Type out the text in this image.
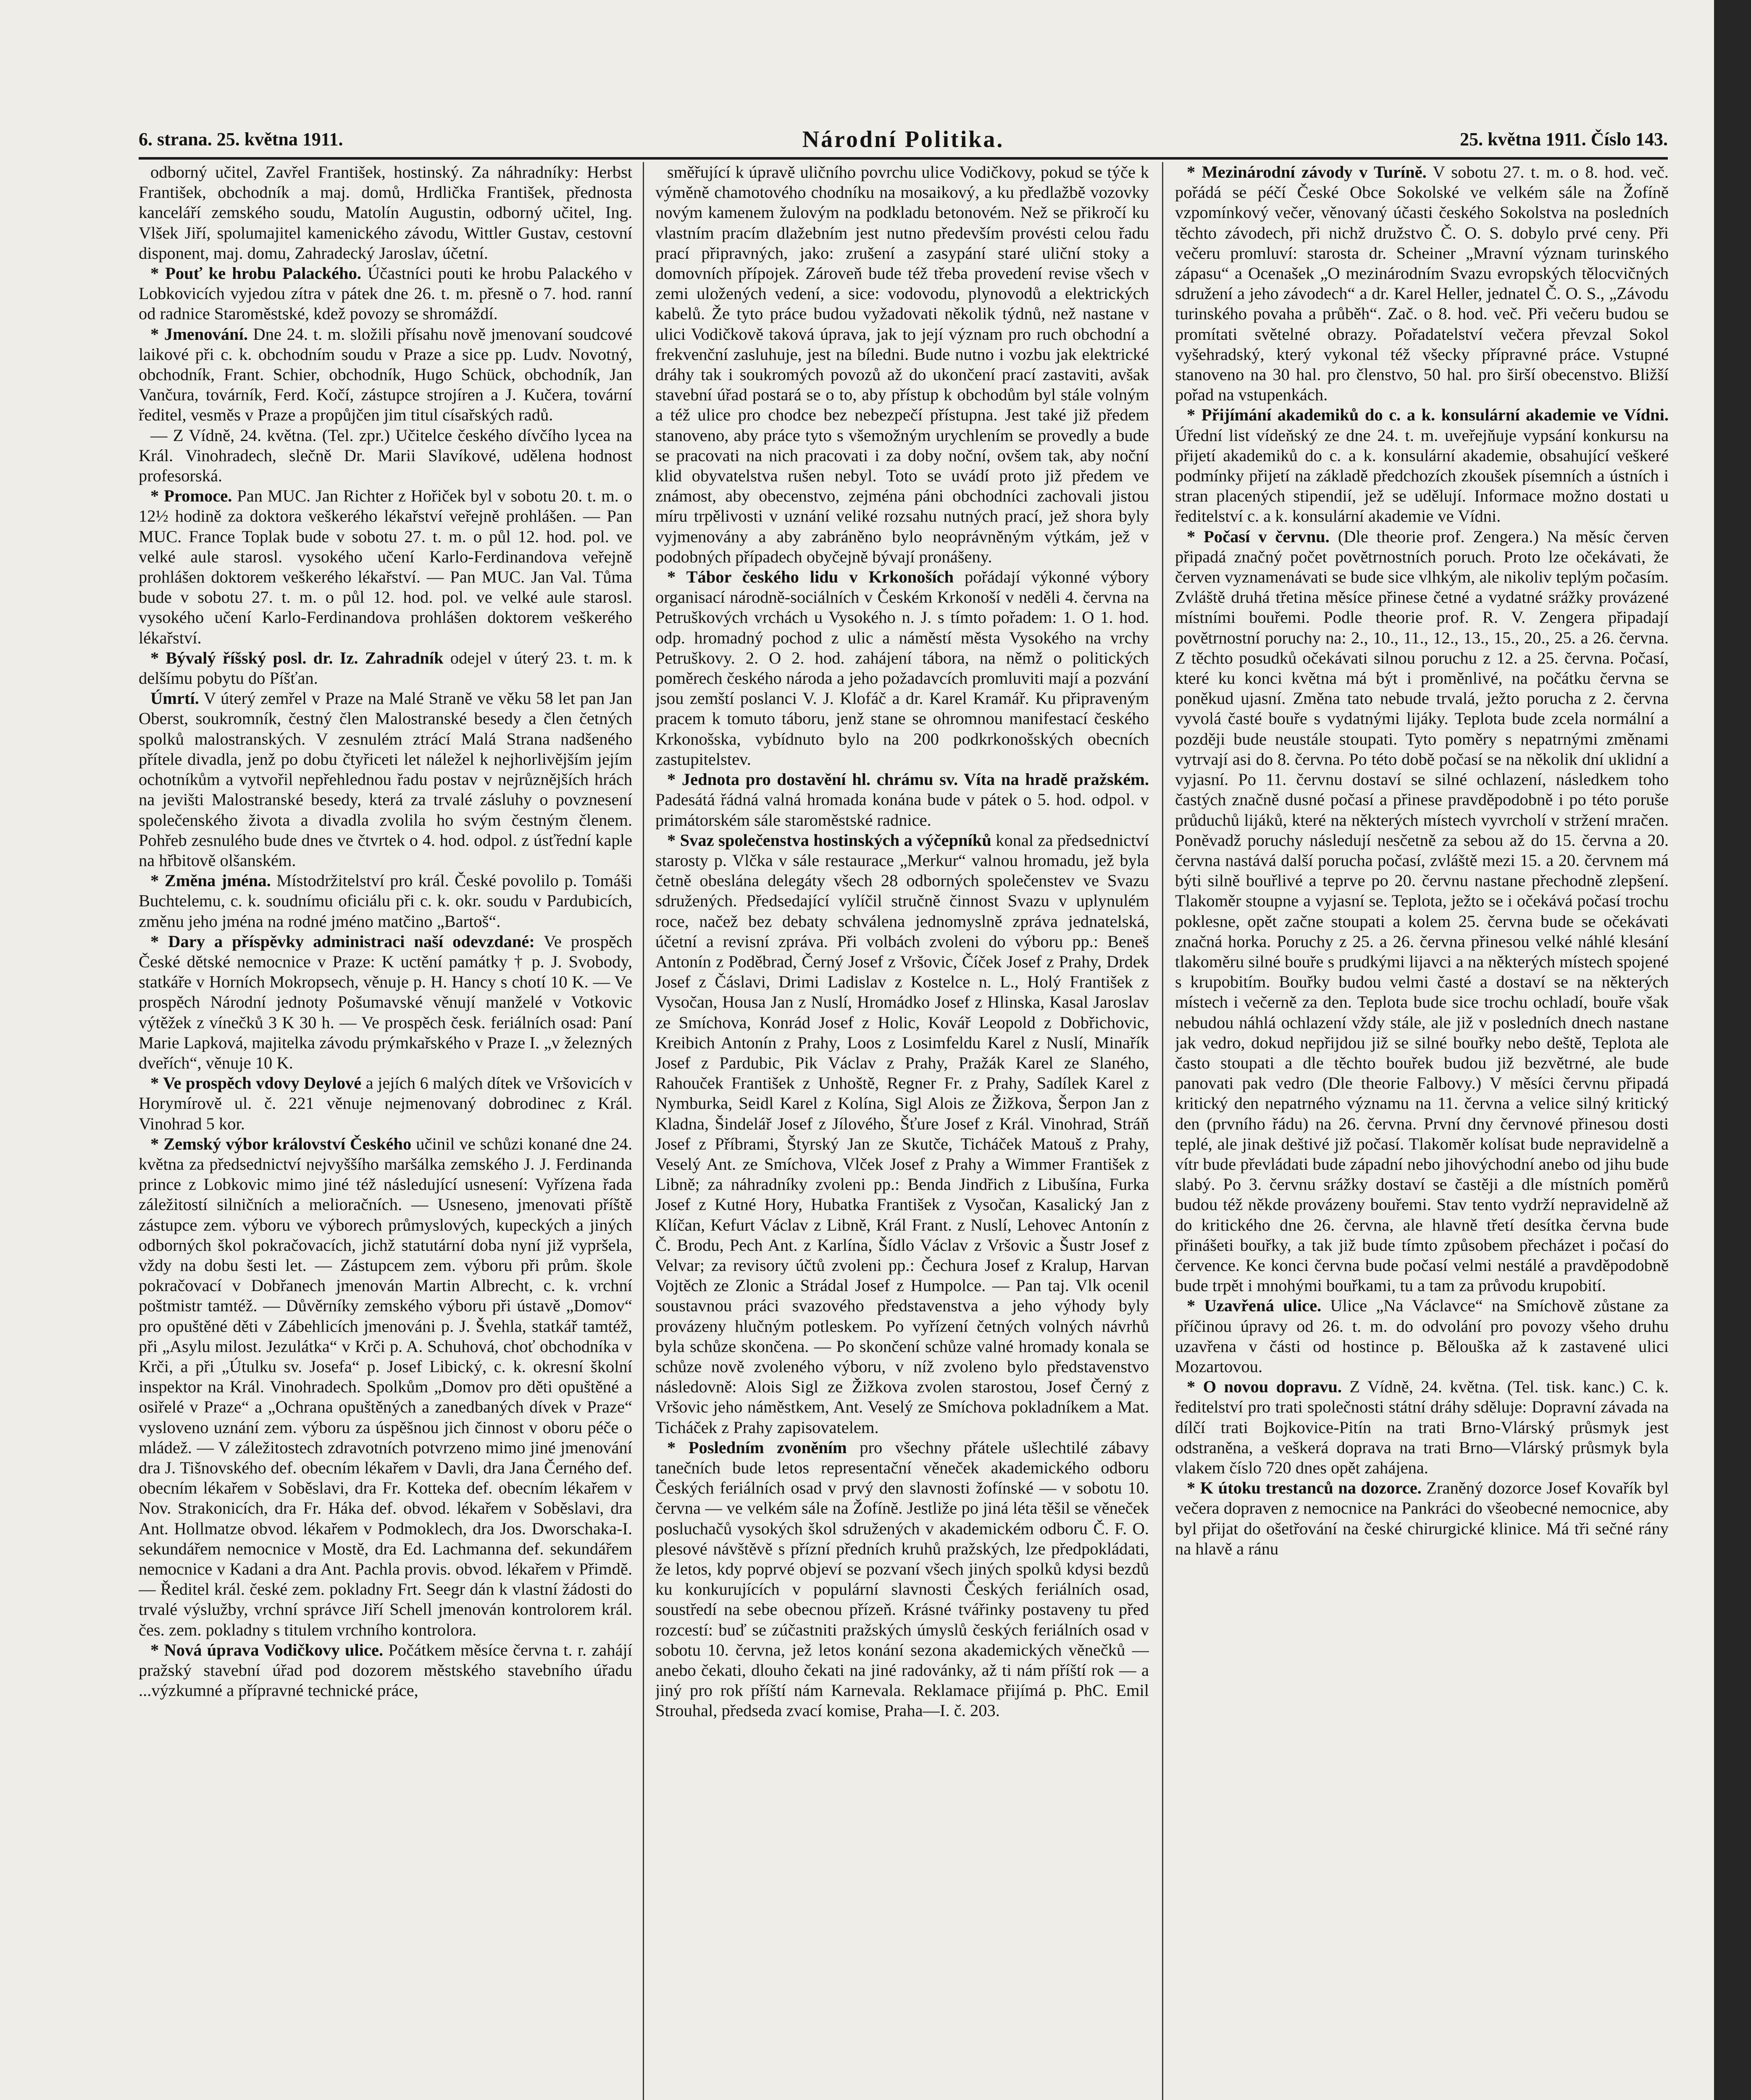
6. strana. 25. května 1911.	Národní Politika.	25. května 1911. Číslo 143.

odborný učitel, Zavřel František, hostinský. Za náhradníky: Herbst František, obchodník a maj. domů, Hrdlička František, přednosta kanceláří zemského soudu, Matolín Augustin, odborný učitel, Ing. Vlšek Jiří, spolumajitel kamenického závodu, Wittler Gustav, cestovní disponent, maj. domu, Zahradecký Jaroslav, účetní.

* Pouť ke hrobu Palackého. Účastníci pouti ke hrobu Palackého v Lobkovicích vyjedou zítra v pátek dne 26. t. m. přesně o 7. hod. ranní od radnice Staroměstské, kdež povozy se shromáždí.

* Jmenování. Dne 24. t. m. složili přísahu nově jmenovaní soudcové laikové při c. k. obchodním soudu v Praze a sice pp. Ludv. Novotný, obchodník, Frant. Schier, obchodník, Hugo Schück, obchodník, Jan Vančura, továrník, Ferd. Kočí, zástupce strojíren a J. Kučera, tovární ředitel, vesměs v Praze a propůjčen jim titul císařských radů.

— Z Vídně, 24. května. (Tel. zpr.) Učitelce českého dívčího lycea na Král. Vinohradech, slečně Dr. Marii Slavíkové, udělena hodnost profesorská.

* Promoce. Pan MUC. Jan Richter z Hořiček byl v sobotu 20. t. m. o 12½ hodině za doktora veškerého lékařství veřejně prohlášen. — Pan MUC. France Toplak bude v sobotu 27. t. m. o půl 12. hod. pol. ve velké aule starosl. vysokého učení Karlo-Ferdinandova veřejně prohlášen doktorem veškerého lékařství. — Pan MUC. Jan Val. Tůma bude v sobotu 27. t. m. o půl 12. hod. pol. ve velké aule starosl. vysokého učení Karlo-Ferdinandova prohlášen doktorem veškerého lékařství.

* Bývalý říšský posl. dr. Iz. Zahradník odejel v úterý 23. t. m. k delšímu pobytu do Píšťan.

Úmrtí. V úterý zemřel v Praze na Malé Straně ve věku 58 let pan Jan Oberst, soukromník, čestný člen Malostranské besedy a člen četných spolků malostranských. V zesnulém ztrácí Malá Strana nadšeného přítele divadla, jenž po dobu čtyřiceti let náležel k nejhorlivějším jejím ochotníkům a vytvořil nepřehlednou řadu postav v nejrůznějších hrách na jevišti Malostranské besedy, která za trvalé zásluhy o povznesení společenského života a divadla zvolila ho svým čestným členem. Pohřeb zesnulého bude dnes ve čtvrtek o 4. hod. odpol. z úsťřední kaple na hřbitově olšanském.

* Změna jména. Místodržitelství pro král. České povolilo p. Tomáši Buchtelemu, c. k. soudnímu oficiálu při c. k. okr. soudu v Pardubicích, změnu jeho jména na rodné jméno matčino „Bartoš“.

* Dary a příspěvky administraci naší odevzdané: Ve prospěch České dětské nemocnice v Praze: K uctění památky † p. J. Svobody, statkáře v Horních Mokropsech, věnuje p. H. Hancy s chotí 10 K. — Ve prospěch Národní jednoty Pošumavské věnují manželé v Votkovic výtěžek z vínečků 3 K 30 h. — Ve prospěch česk. feriálních osad: Paní Marie Lapková, majitelka závodu prýmkařského v Praze I. „v železných dveřích“, věnuje 10 K.

* Ve prospěch vdovy Deylové a jejích 6 malých dítek ve Vršovicích v Horymírově ul. č. 221 věnuje nejmenovaný dobrodinec z Král. Vinohrad 5 kor.

* Zemský výbor království Českého učinil ve schůzi konané dne 24. května za předsednictví nejvyššího maršálka zemského J. J. Ferdinanda prince z Lobkovic mimo jiné též následující usnesení: Vyřízena řada záležitostí silničních a melioračních. — Usneseno, jmenovati příště zástupce zem. výboru ve výborech průmyslových, kupeckých a jiných odborných škol pokračovacích, jichž statutární doba nyní již vypršela, vždy na dobu šesti let. — Zástupcem zem. výboru při prům. škole pokračovací v Dobřanech jmenován Martin Albrecht, c. k. vrchní poštmistr tamtéž. — Důvěrníky zemského výboru při ústavě „Domov“ pro opuštěné děti v Zábehlicích jmenováni p. J. Švehla, statkář tamtéž, při „Asylu milost. Jezulátka“ v Krči p. A. Schuhová, choť obchodníka v Krči, a při „Útulku sv. Josefa“ p. Josef Libický, c. k. okresní školní inspektor na Král. Vinohradech. Spolkům „Domov pro děti opuštěné a osiřelé v Praze“ a „Ochrana opuštěných a zanedbaných dívek v Praze“ vysloveno uznání zem. výboru za úspěšnou jich činnost v oboru péče o mládež. — V záležitostech zdravotních potvrzeno mimo jiné jmenování dra J. Tišnovského def. obecním lékařem v Davli, dra Jana Černého def. obecním lékařem v Soběslavi, dra Fr. Kotteka def. obecním lékařem v Nov. Strakonicích, dra Fr. Háka def. obvod. lékařem v Soběslavi, dra Ant. Hollmatze obvod. lékařem v Podmoklech, dra Jos. Dworschaka-I. sekundářem nemocnice v Mostě, dra Ed. Lachmanna def. sekundářem nemocnice v Kadani a dra Ant. Pachla provis. obvod. lékařem v Přimdě. — Ředitel král. české zem. pokladny Frt. Seegr dán k vlastní žádosti do trvalé výslužby, vrchní správce Jiří Schell jmenován kontrolorem král. čes. zem. pokladny s titulem vrchního kontrolora.

* Nová úprava Vodičkovy ulice. Počátkem měsíce června t. r. zahájí pražský stavební úřad pod dozorem městského stavebního úřadu ...výzkumné a přípravné technické práce,

směřující k úpravě uličního povrchu ulice Vodičkovy, pokud se týče k výměně chamotového chodníku na mosaikový, a ku předlažbě vozovky novým kamenem žulovým na podkladu betonovém. Než se přikročí ku vlastním pracím dlažebním jest nutno především provésti celou řadu prací připravných, jako: zrušení a zasypání staré uliční stoky a domovních přípojek. Zároveň bude též třeba provedení revise všech v zemi uložených vedení, a sice: vodovodu, plynovodů a elektrických kabelů. Že tyto práce budou vyžadovati několik týdnů, než nastane v ulici Vodičkově taková úprava, jak to její význam pro ruch obchodní a frekvenční zasluhuje, jest na bíledni. Bude nutno i vozbu jak elektrické dráhy tak i soukromých povozů až do ukončení prací zastaviti, avšak stavební úřad postará se o to, aby přístup k obchodům byl stále volným a též ulice pro chodce bez nebezpečí přístupna. Jest také již předem stanoveno, aby práce tyto s všemožným urychlením se provedly a bude se pracovati na nich pracovati i za doby noční, ovšem tak, aby noční klid obyvatelstva rušen nebyl. Toto se uvádí proto již předem ve známost, aby obecenstvo, zejména páni obchodníci zachovali jistou míru trpělivosti v uznání veliké rozsahu nutných prací, jež shora byly vyjmenovány a aby zabráněno bylo neoprávněným výtkám, jež v podobných případech obyčejně bývají pronášeny.

* Tábor českého lidu v Krkonoších pořádají výkonné výbory organisací národně-sociálních v Českém Krkonoší v neděli 4. června na Petruškových vrchách u Vysokého n. J. s tímto pořadem: 1. O 1. hod. odp. hromadný pochod z ulic a náměstí města Vysokého na vrchy Petruškovy. 2. O 2. hod. zahájení tábora, na němž o politických poměrech českého národa a jeho požadavcích promluviti mají a pozvání jsou zemští poslanci V. J. Klofáč a dr. Karel Kramář. Ku připraveným pracem k tomuto táboru, jenž stane se ohromnou manifestací českého Krkonošska, vybídnuto bylo na 200 podkrkonošských obecních zastupitelstev.

* Jednota pro dostavění hl. chrámu sv. Víta na hradě pražském. Padesátá řádná valná hromada konána bude v pátek o 5. hod. odpol. v primátorském sále staroměstské radnice.

* Svaz společenstva hostinských a výčepníků konal za předsednictví starosty p. Vlčka v sále restaurace „Merkur“ valnou hromadu, jež byla četně obeslána delegáty všech 28 odborných společenstev ve Svazu sdružených. Předsedající vylíčil stručně činnost Svazu v uplynulém roce, načež bez debaty schválena jednomyslně zpráva jednatelská, účetní a revisní zpráva. Při volbách zvoleni do výboru pp.: Beneš Antonín z Poděbrad, Černý Josef z Vršovic, Číček Josef z Prahy, Drdek Josef z Čáslavi, Drimi Ladislav z Kostelce n. L., Holý František z Vysočan, Housa Jan z Nuslí, Hromádko Josef z Hlinska, Kasal Jaroslav ze Smíchova, Konrád Josef z Holic, Kovář Leopold z Dobřichovic, Kreibich Antonín z Prahy, Loos z Losimfeldu Karel z Nuslí, Minařík Josef z Pardubic, Pik Václav z Prahy, Pražák Karel ze Slaného, Rahouček František z Unhoště, Regner Fr. z Prahy, Sadílek Karel z Nymburka, Seidl Karel z Kolína, Sigl Alois ze Žižkova, Šerpon Jan z Kladna, Šindelář Josef z Jílového, Šťure Josef z Král. Vinohrad, Stráň Josef z Příbrami, Štyrský Jan ze Skutče, Ticháček Matouš z Prahy, Veselý Ant. ze Smíchova, Vlček Josef z Prahy a Wimmer František z Libně; za náhradníky zvoleni pp.: Benda Jindřich z Libušína, Furka Josef z Kutné Hory, Hubatka František z Vysočan, Kasalický Jan z Klíčan, Kefurt Václav z Libně, Král Frant. z Nuslí, Lehovec Antonín z Č. Brodu, Pech Ant. z Karlína, Šídlo Václav z Vršovic a Šustr Josef z Velvar; za revisory účtů zvoleni pp.: Čechura Josef z Kralup, Harvan Vojtěch ze Zlonic a Strádal Josef z Humpolce. — Pan taj. Vlk ocenil soustavnou práci svazového představenstva a jeho výhody byly provázeny hlučným potleskem. Po vyřízení četných volných návrhů byla schůze skončena. — Po skončení schůze valné hromady konala se schůze nově zvoleného výboru, v níž zvoleno bylo představenstvo následovně: Alois Sigl ze Žižkova zvolen starostou, Josef Černý z Vršovic jeho náměstkem, Ant. Veselý ze Smíchova pokladníkem a Mat. Ticháček z Prahy zapisovatelem.

* Posledním zvoněním pro všechny přátele ušlechtilé zábavy tanečních bude letos representační věneček akademického odboru Českých feriálních osad v prvý den slavnosti žofínské — v sobotu 10. června — ve velkém sále na Žofíně. Jestliže po jiná léta těšil se věneček posluchačů vysokých škol sdružených v akademickém odboru Č. F. O. plesové návštěvě s přízní předních kruhů pražských, lze předpokládati, že letos, kdy poprvé objeví se pozvaní všech jiných spolků kdysi bezdů ku konkurujících v populární slavnosti Českých feriálních osad, soustředí na sebe obecnou přízeň. Krásné tvářinky postaveny tu před rozcestí: buď se zúčastniti pražských úmyslů českých feriálních osad v sobotu 10. června, jež letos konání sezona akademických věnečků — anebo čekati, dlouho čekati na jiné radovánky, až ti nám příští rok — a jiný pro rok příští nám Karnevala. Reklamace přijímá p. PhC. Emil Strouhal, předseda zvací komise, Praha—I. č. 203.

* Mezinárodní závody v Turíně. V sobotu 27. t. m. o 8. hod. več. pořádá se péčí České Obce Sokolské ve velkém sále na Žofíně vzpomínkový večer, věnovaný účasti českého Sokolstva na posledních těchto závodech, při nichž družstvo Č. O. S. dobylo prvé ceny. Při večeru promluví: starosta dr. Scheiner „Mravní význam turinského zápasu“ a Ocenašek „O mezinárodním Svazu evropských tělocvičných sdružení a jeho závodech“ a dr. Karel Heller, jednatel Č. O. S., „Závodu turinského povaha a průběh“. Zač. o 8. hod. več. Při večeru budou se promítati světelné obrazy. Pořadatelství večera převzal Sokol vyšehradský, který vykonal též všecky přípravné práce. Vstupné stanoveno na 30 hal. pro členstvo, 50 hal. pro širší obecenstvo. Bližší pořad na vstupenkách.

* Přijímání akademiků do c. a k. konsulární akademie ve Vídni. Úřední list vídeňský ze dne 24. t. m. uveřejňuje vypsání konkursu na přijetí akademiků do c. a k. konsulární akademie, obsahující veškeré podmínky přijetí na základě předchozích zkoušek písemních a ústních i stran placených stipendií, jež se udělují. Informace možno dostati u ředitelství c. a k. konsulární akademie ve Vídni.

* Počasí v červnu. (Dle theorie prof. Zengera.) Na měsíc červen připadá značný počet povětrnostních poruch. Proto lze očekávati, že červen vyznamenávati se bude sice vlhkým, ale nikoliv teplým počasím. Zvláště druhá třetina měsíce přinese četné a vydatné srážky provázené místními bouřemi. Podle theorie prof. R. V. Zengera připadají povětrnostní poruchy na: 2., 10., 11., 12., 13., 15., 20., 25. a 26. června. Z těchto posudků očekávati silnou poruchu z 12. a 25. června. Počasí, které ku konci května má být i proměnlivé, na počátku června se poněkud ujasní. Změna tato nebude trvalá, ježto porucha z 2. června vyvolá časté bouře s vydatnými lijáky. Teplota bude zcela normální a později bude neustále stoupati. Tyto poměry s nepatrnými změnami vytrvají asi do 8. června. Po této době počasí se na několik dní uklidní a vyjasní. Po 11. červnu dostaví se silné ochlazení, následkem toho častých značně dusné počasí a přinese pravděpodobně i po této poruše průduchů lijáků, které na některých místech vyvrcholí v stržení mračen. Poněvadž poruchy následují nesčetně za sebou až do 15. června a 20. června nastává další porucha počasí, zvláště mezi 15. a 20. červnem má býti silně bouřlivé a teprve po 20. červnu nastane přechodně zlepšení. Tlakoměr stoupne a vyjasní se. Teplota, ježto se i očekává počasí trochu poklesne, opět začne stoupati a kolem 25. června bude se očekávati značná horka. Poruchy z 25. a 26. června přinesou velké náhlé klesání tlakoměru silné bouře s prudkými lijavci a na některých místech spojené s krupobitím. Bouřky budou velmi časté a dostaví se na některých místech i večerně za den. Teplota bude sice trochu ochladí, bouře však nebudou náhlá ochlazení vždy stále, ale již v posledních dnech nastane jak vedro, dokud nepřijdou již se silné bouřky nebo deště, Teplota ale často stoupati a dle těchto bouřek budou již bezvětrné, ale bude panovati pak vedro (Dle theorie Falbovy.) V měsíci červnu připadá kritický den nepatrného významu na 11. června a velice silný kritický den (prvního řádu) na 26. června. První dny červnové přinesou dosti teplé, ale jinak deštivé již počasí. Tlakoměr kolísat bude nepravidelně a vítr bude převládati bude západní nebo jihovýchodní anebo od jihu bude slabý. Po 3. červnu srážky dostaví se častěji a dle místních poměrů budou též někde provázeny bouřemi. Stav tento vydrží nepravidelně až do kritického dne 26. června, ale hlavně třetí desítka června bude přinášeti bouřky, a tak již bude tímto způsobem přecházet i počasí do července. Ke konci června bude počasí velmi nestálé a pravděpodobně bude trpět i mnohými bouřkami, tu a tam za průvodu krupobití.

* Uzavřená ulice. Ulice „Na Václavce“ na Smíchově zůstane za příčinou úpravy od 26. t. m. do odvolání pro povozy všeho druhu uzavřena v části od hostince p. Bělouška až k zastavené ulici Mozartovou.

* O novou dopravu. Z Vídně, 24. května. (Tel. tisk. kanc.) C. k. ředitelství pro trati společnosti státní dráhy sděluje: Dopravní závada na dílčí trati Bojkovice-Pitín na trati Brno-Vlárský průsmyk jest odstraněna, a veškerá doprava na trati Brno—Vlárský průsmyk byla vlakem číslo 720 dnes opět zahájena.

* K útoku trestanců na dozorce. Zraněný dozorce Josef Kovařík byl večera dopraven z nemocnice na Pankráci do všeobecné nemocnice, aby byl přijat do ošetřování na české chirurgické klinice. Má tři sečné rány na hlavě a ránu
